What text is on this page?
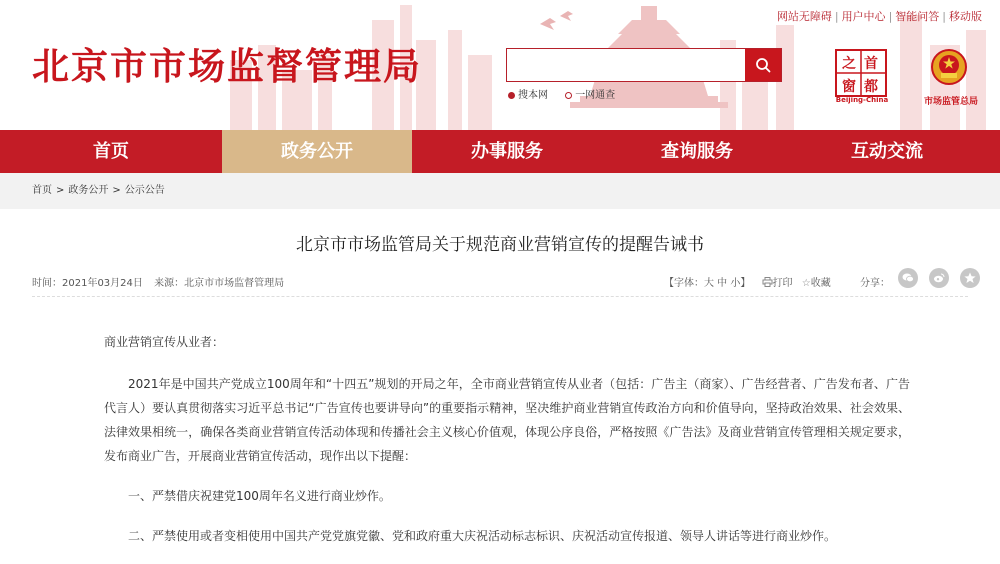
北京市市场监督管理局
网站无障碍 | 用户中心 | 智能问答 | 移动版
搜本网	一网通查
首
都
之
窗
Beijing-China	市场监管总局
首页	政务公开	办事服务	查询服务	互动交流
首页 > 政务公开 > 公示公告
北京市市场监管局关于规范商业营销宣传的提醒告诫书
时间：2021年03月24日 来源：北京市市场监督管理局	【字体：大 中 小】 打印 ☆收藏	分享：

商业营销宣传从业者：

2021年是中国共产党成立100周年和“十四五”规划的开局之年，全市商业营销宣传从业者（包括：广告主（商家）、广告经营者、广告发布者、广告代言人）要认真贯彻落实习近平总书记“广告宣传也要讲导向”的重要指示精神，坚决维护商业营销宣传政治方向和价值导向，坚持政治效果、社会效果、法律效果相统一，确保各类商业营销宣传活动体现和传播社会主义核心价值观，体现公序良俗，严格按照《广告法》及商业营销宣传管理相关规定要求，发布商业广告，开展商业营销宣传活动，现作出以下提醒：

一、严禁借庆祝建党100周年名义进行商业炒作。

二、严禁使用或者变相使用中国共产党党旗党徽、党和政府重大庆祝活动标志标识、庆祝活动宣传报道、领导人讲话等进行商业炒作。
